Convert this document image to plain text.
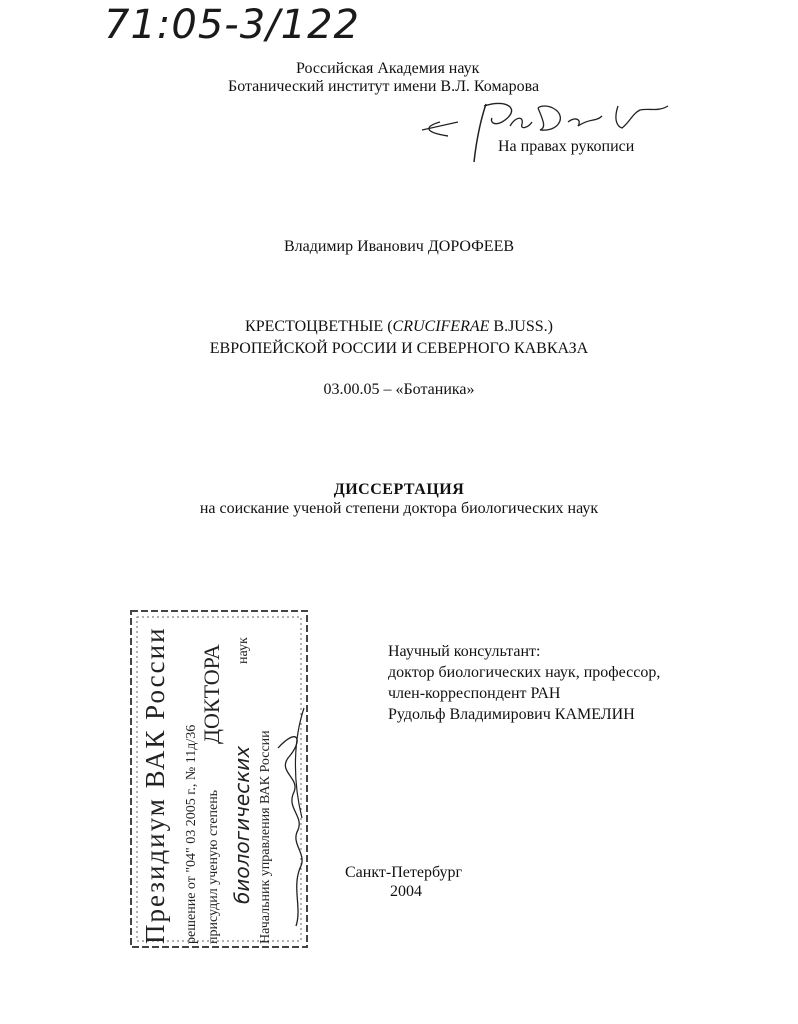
71:05-3/122
Российская Академия наук
Ботанический институт имени В.Л. Комарова
На правах рукописи
Владимир Иванович ДОРОФЕЕВ
КРЕСТОЦВЕТНЫЕ (CRUCIFERAE B.JUSS.)
ЕВРОПЕЙСКОЙ РОССИИ И СЕВЕРНОГО КАВКАЗА
03.00.05 – «Ботаника»
ДИССЕРТАЦИЯ
на соискание ученой степени доктора биологических наук
Президиум ВАК России решение от "04" 03 2005 г., № 11д/36 присудил ученую степень
ДОКТОРА
биологических
наук
Начальник управления ВАК России
Научный консультант:
доктор биологических наук, профессор,
член-корреспондент РАН
Рудольф Владимирович КАМЕЛИН
Санкт-Петербург
2004
